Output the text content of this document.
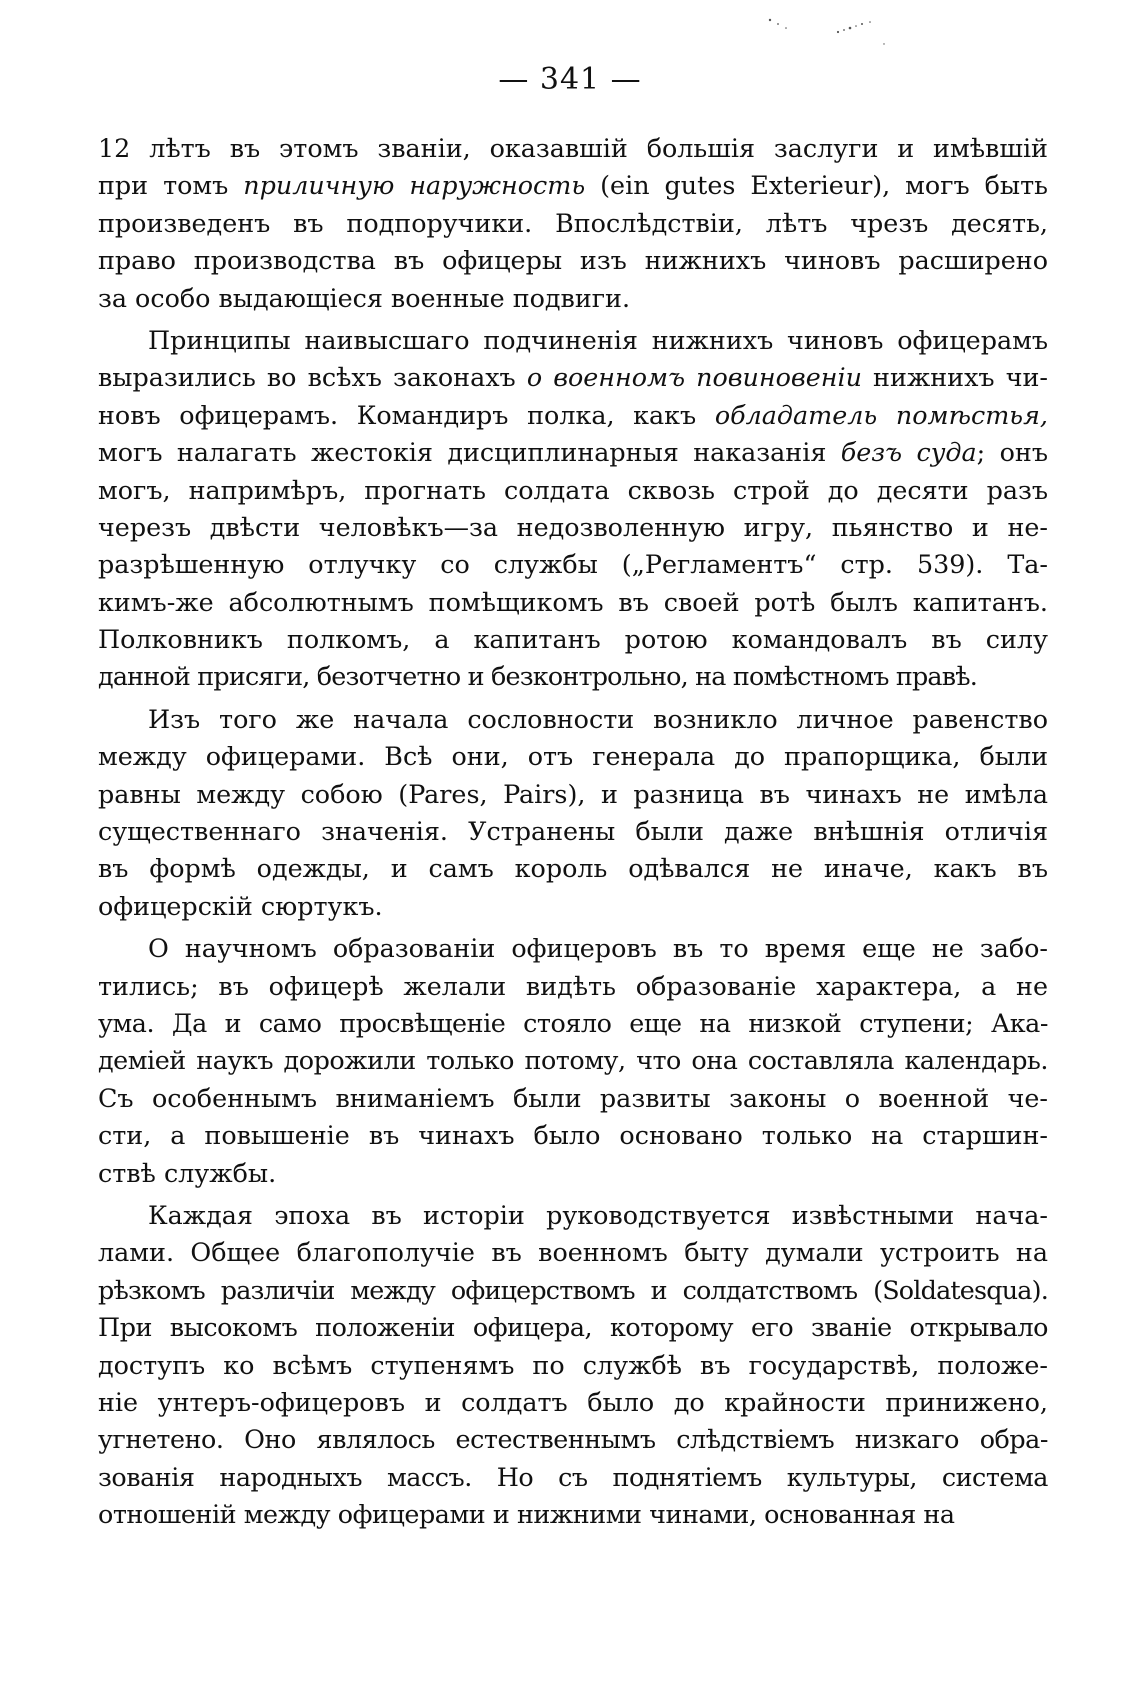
— 341 —
12 лѣтъ въ этомъ званіи, оказавшій большія заслуги и имѣвшій
при томъ приличную наружность (ein gutes Exterieur), могъ быть
произведенъ въ подпоручики. Впослѣдствіи, лѣтъ чрезъ десять,
право производства въ офицеры изъ нижнихъ чиновъ расширено
за особо выдающіеся военные подвиги.
Принципы наивысшаго подчиненія нижнихъ чиновъ офицерамъ
выразились во всѣхъ законахъ о военномъ повиновеніи нижнихъ чи-
новъ офицерамъ. Командиръ полка, какъ обладатель помѣстья,
могъ налагать жестокія дисциплинарныя наказанія безъ суда; онъ
могъ, напримѣръ, прогнать солдата сквозь строй до десяти разъ
черезъ двѣсти человѣкъ—за недозволенную игру, пьянство и не-
разрѣшенную отлучку со службы („Регламентъ“ стр. 539). Та-
кимъ-же абсолютнымъ помѣщикомъ въ своей ротѣ былъ капитанъ.
Полковникъ полкомъ, а капитанъ ротою командовалъ въ силу
данной присяги, безотчетно и безконтрольно, на помѣстномъ правѣ.
Изъ того же начала сословности возникло личное равенство
между офицерами. Всѣ они, отъ генерала до прапорщика, были
равны между собою (Pares, Pairs), и разница въ чинахъ не имѣла
существеннаго значенія. Устранены были даже внѣшнія отличія
въ формѣ одежды, и самъ король одѣвался не иначе, какъ въ
офицерскій сюртукъ.
О научномъ образованіи офицеровъ въ то время еще не забо-
тились; въ офицерѣ желали видѣть образованіе характера, а не
ума. Да и само просвѣщеніе стояло еще на низкой ступени; Ака-
деміей наукъ дорожили только потому, что она составляла календарь.
Съ особеннымъ вниманіемъ были развиты законы о военной че-
сти, а повышеніе въ чинахъ было основано только на старшин-
ствѣ службы.
Каждая эпоха въ исторіи руководствуется извѣстными нача-
лами. Общее благополучіе въ военномъ быту думали устроить на
рѣзкомъ различіи между офицерствомъ и солдатствомъ (Soldatesqua).
При высокомъ положеніи офицера, которому его званіе открывало
доступъ ко всѣмъ ступенямъ по службѣ въ государствѣ, положе-
ніе унтеръ-офицеровъ и солдатъ было до крайности принижено,
угнетено. Оно являлось естественнымъ слѣдствіемъ низкаго обра-
зованія народныхъ массъ. Но съ поднятіемъ культуры, система
отношеній между офицерами и нижними чинами, основанная на
